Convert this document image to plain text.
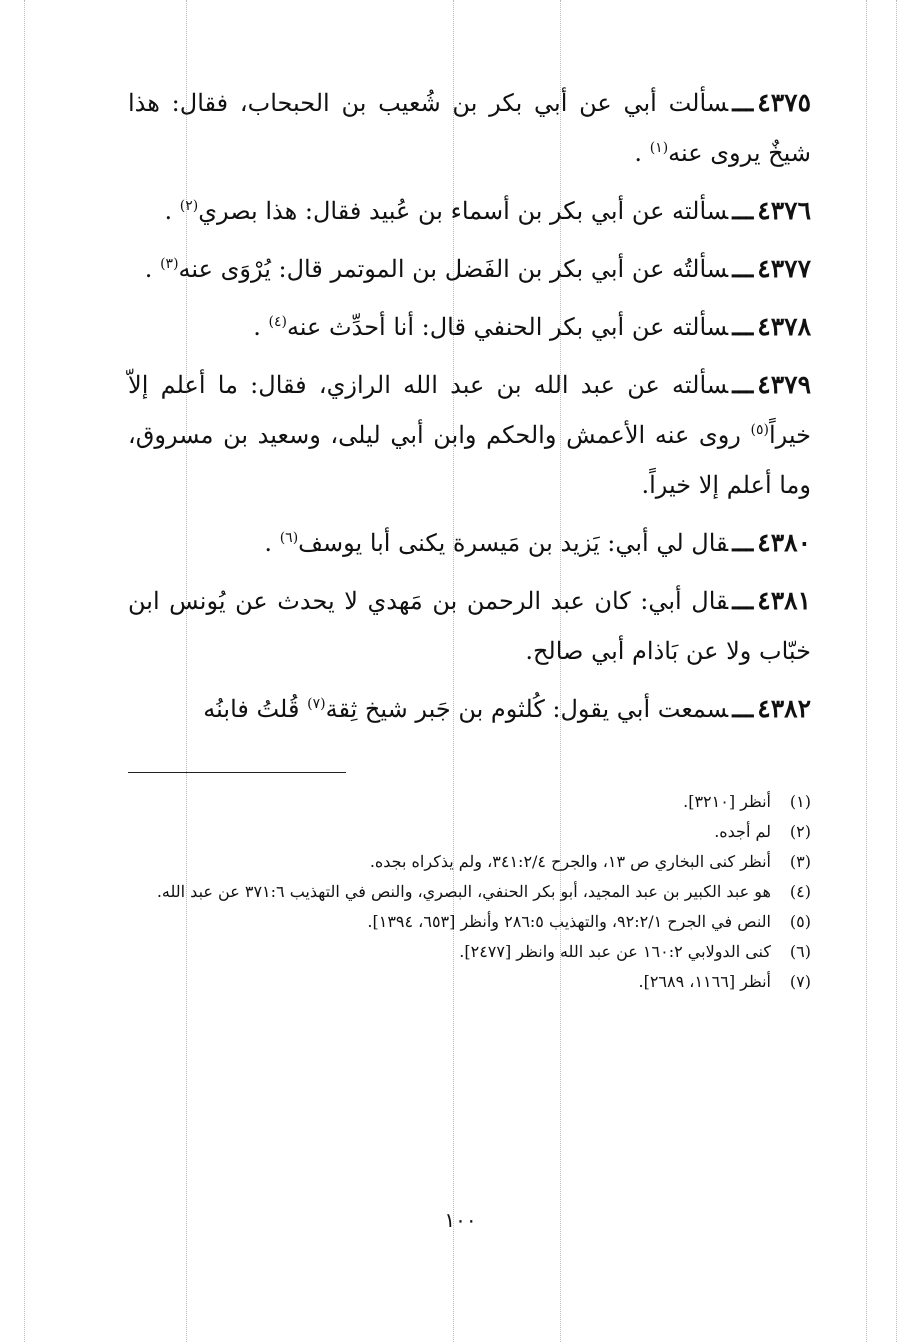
٤٣٧٥ـــسألت أبي عن أبي بكر بن شُعيب بن الحبحاب، فقال: هذا شيخٌ يروى عنه$^{(١)}$ .

٤٣٧٦ـــسألته عن أبي بكر بن أسماء بن عُبيد فقال: هذا بصري$^{(٢)}$ .

٤٣٧٧ـــسألتُه عن أبي بكر بن الفَضل بن الموتمر قال: يُرْوَى عنه$^{(٣)}$ .

٤٣٧٨ـــسألته عن أبي بكر الحنفي قال: أنا أحدِّث عنه$^{(٤)}$ .

٤٣٧٩ـــسألته عن عبد الله بن عبد الله الرازي، فقال: ما أعلم إلاّ خيراً$^{(٥)}$ روى عنه الأعمش والحكم وابن أبي ليلى، وسعيد بن مسروق، وما أعلم إلا خيراً.

٤٣٨٠ـــقال لي أبي: يَزيد بن مَيسرة يكنى أبا يوسف$^{(٦)}$ .

٤٣٨١ـــقال أبي: كان عبد الرحمن بن مَهدي لا يحدث عن يُونس ابن خبّاب ولا عن بَاذام أبي صالح.

٤٣٨٢ـــسمعت أبي يقول: كُلثوم بن جَبر شيخ ثِقة$^{(٧)}$ قُلتُ فابنُه

(١)
أنظر [٣٢١٠].
(٢)
لم أجده.
(٣)
أنظر كنى البخاري ص ١٣، والجرح ٣٤١:٢/٤، ولم يذكراه بجده.
(٤)
هو عبد الكبير بن عبد المجيد، أبو بكر الحنفي، البصري، والنص في التهذيب ٣٧١:٦ عن عبد الله.
(٥)
النص في الجرح ٩٢:٢/١، والتهذيب ٢٨٦:٥ وأنظر [٦٥٣، ١٣٩٤].
(٦)
كنى الدولابي ١٦٠:٢ عن عبد الله وانظر [٢٤٧٧].
(٧)
أنظر [١١٦٦، ٢٦٨٩].
١٠٠
